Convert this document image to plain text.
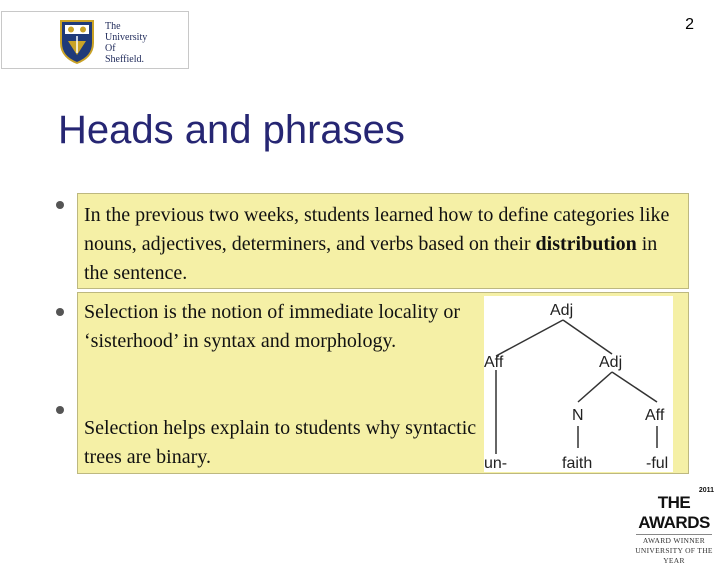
The
University
Of
Sheffield.
2
Heads and phrases

In the previous two weeks, students learned how to define categories like nouns, adjectives, determiners, and verbs based on their distribution in the sentence.

Selection is the notion of immediate locality or ‘sisterhood’ in syntax and morphology.

Selection helps explain to students why syntactic trees are binary.

Adj
Aff	Adj
N	Aff
un-	faith	-ful
2011
THE AWARDS
AWARD WINNER
UNIVERSITY OF THE YEAR
